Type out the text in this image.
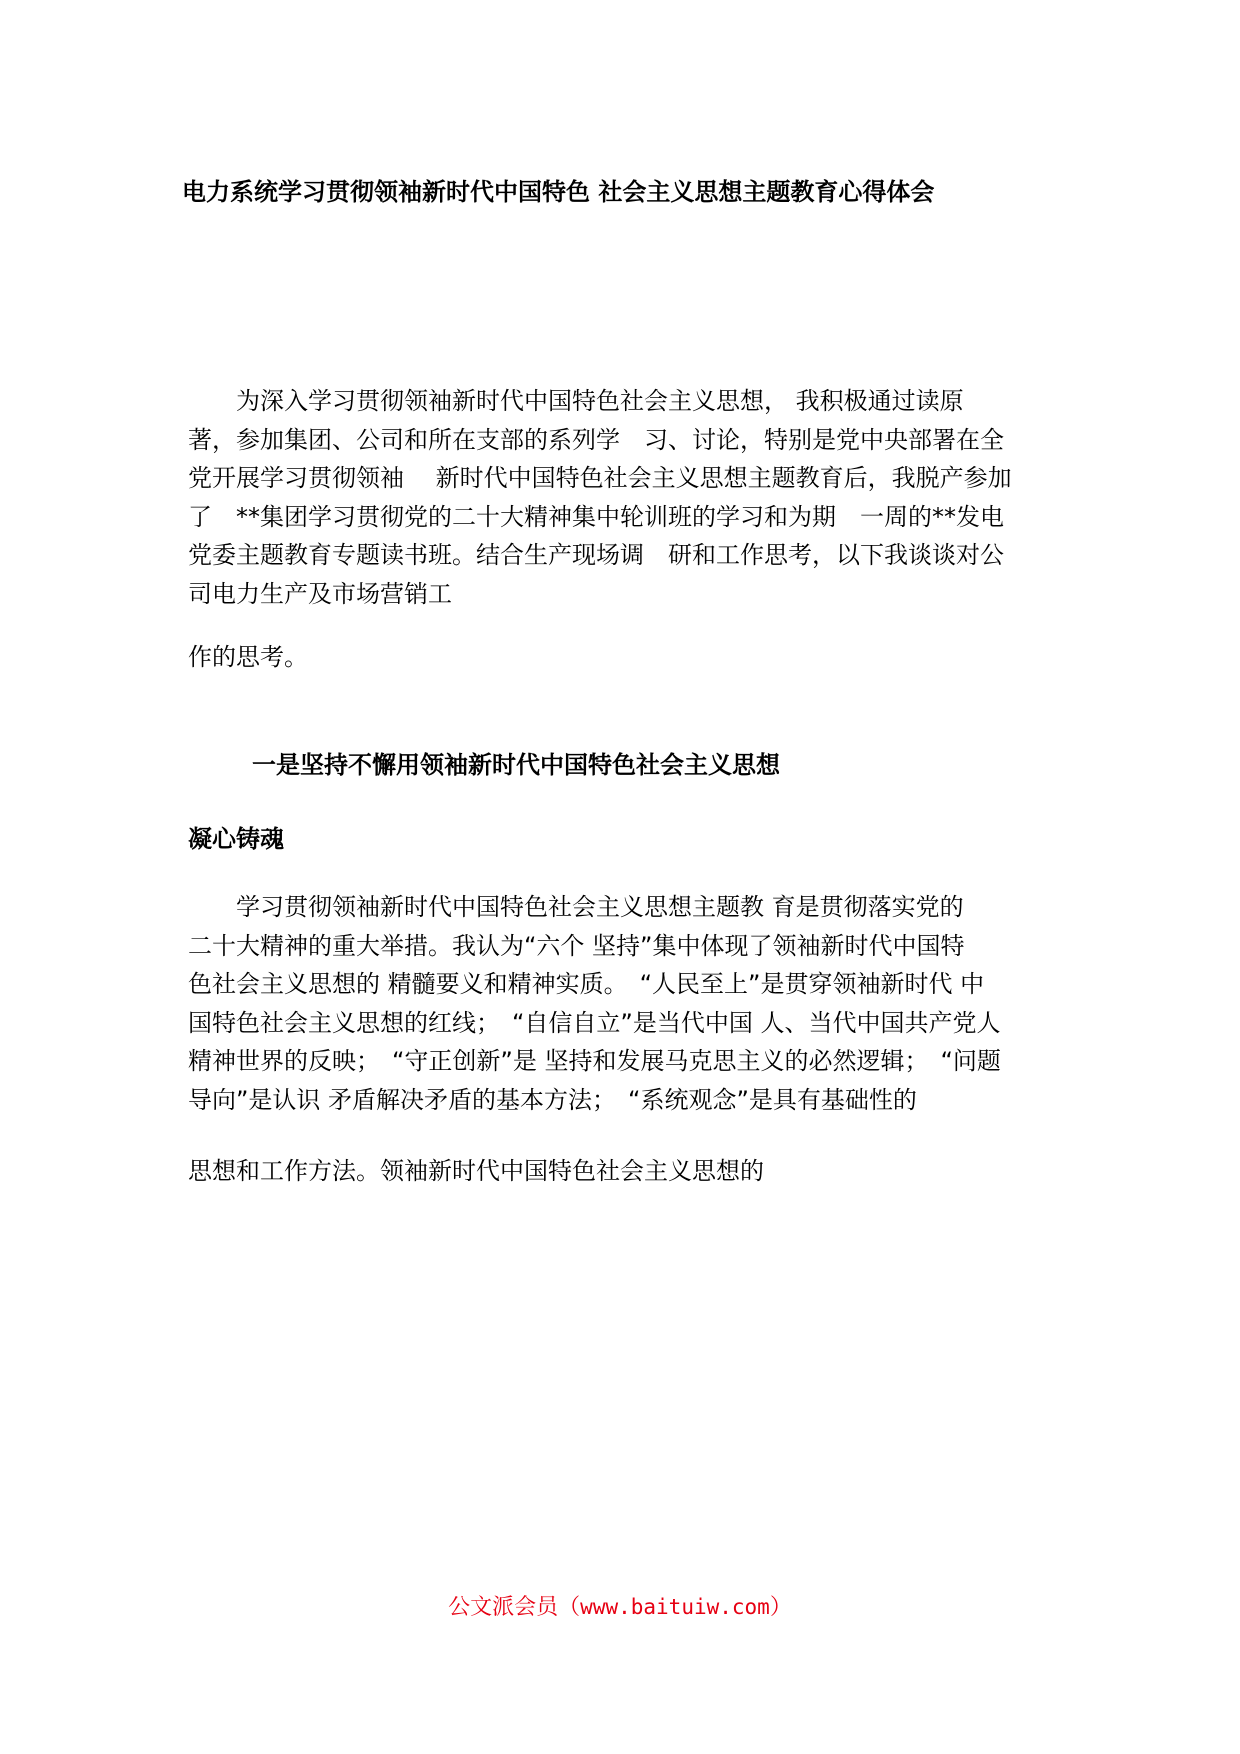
电力系统学习贯彻领袖新时代中国特色 社会主义思想主题教育心得体会

　　为深入学习贯彻领袖新时代中国特色社会主义思想， 我积极通过读原
著，参加集团、公司和所在支部的系列学　习、讨论，特别是党中央部署在全
党开展学习贯彻领袖　 新时代中国特色社会主义思想主题教育后，我脱产参加
了　**集团学习贯彻党的二十大精神集中轮训班的学习和为期　一周的**发电
党委主题教育专题读书班。结合生产现场调　研和工作思考，以下我谈谈对公
司电力生产及市场营销工

作的思考。

一是坚持不懈用领袖新时代中国特色社会主义思想
凝心铸魂

　　学习贯彻领袖新时代中国特色社会主义思想主题教 育是贯彻落实党的
二十大精神的重大举措。我认为“六个 坚持”集中体现了领袖新时代中国特
色社会主义思想的 精髓要义和精神实质。　“人民至上”是贯穿领袖新时代 中
国特色社会主义思想的红线；　“自信自立”是当代中国 人、当代中国共产党人
精神世界的反映；　“守正创新”是 坚持和发展马克思主义的必然逻辑；　“问题
导向”是认识 矛盾解决矛盾的基本方法；　“系统观念”是具有基础性的

思想和工作方法。领袖新时代中国特色社会主义思想的

公文派会员（www.baituiw.com）
